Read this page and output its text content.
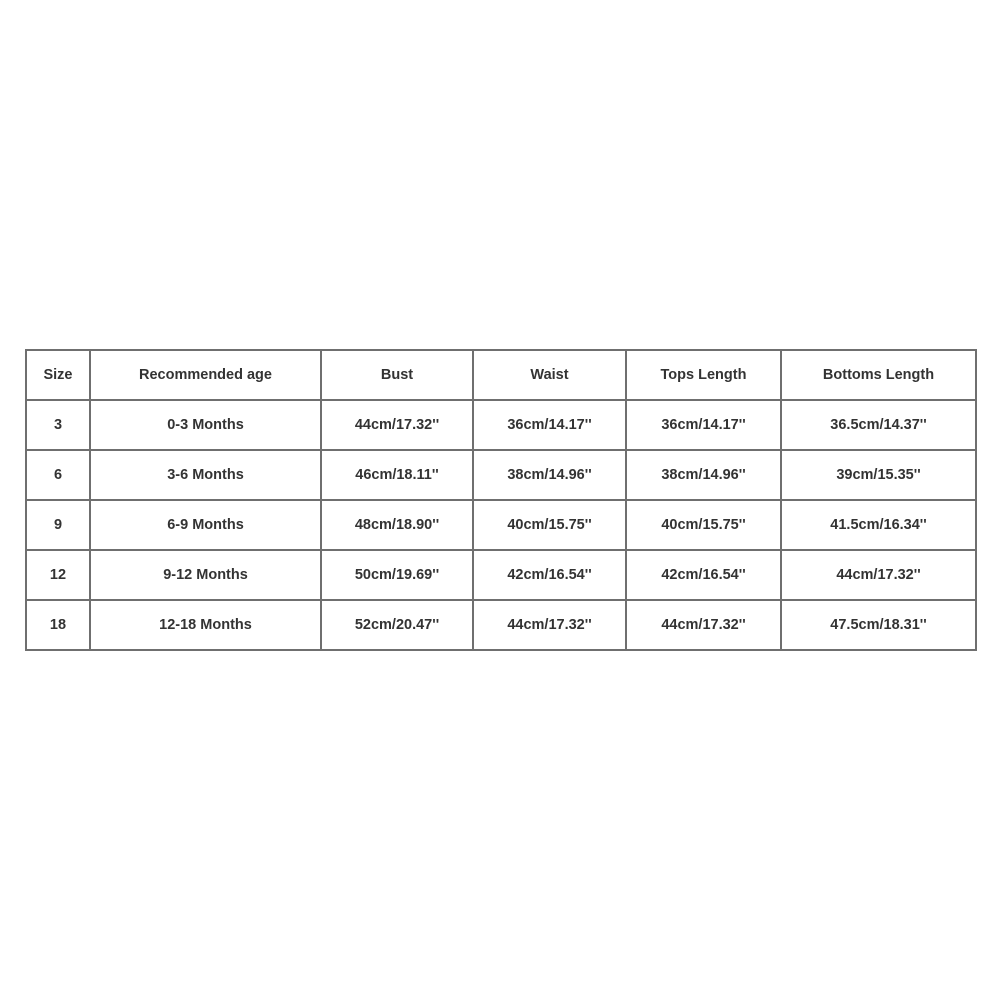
Size	Recommended age	Bust	Waist	Tops Length	Bottoms Length
3	0-3 Months	44cm/17.32''	36cm/14.17''	36cm/14.17''	36.5cm/14.37''
6	3-6 Months	46cm/18.11''	38cm/14.96''	38cm/14.96''	39cm/15.35''
9	6-9 Months	48cm/18.90''	40cm/15.75''	40cm/15.75''	41.5cm/16.34''
12	9-12 Months	50cm/19.69''	42cm/16.54''	42cm/16.54''	44cm/17.32''
18	12-18 Months	52cm/20.47''	44cm/17.32''	44cm/17.32''	47.5cm/18.31''
